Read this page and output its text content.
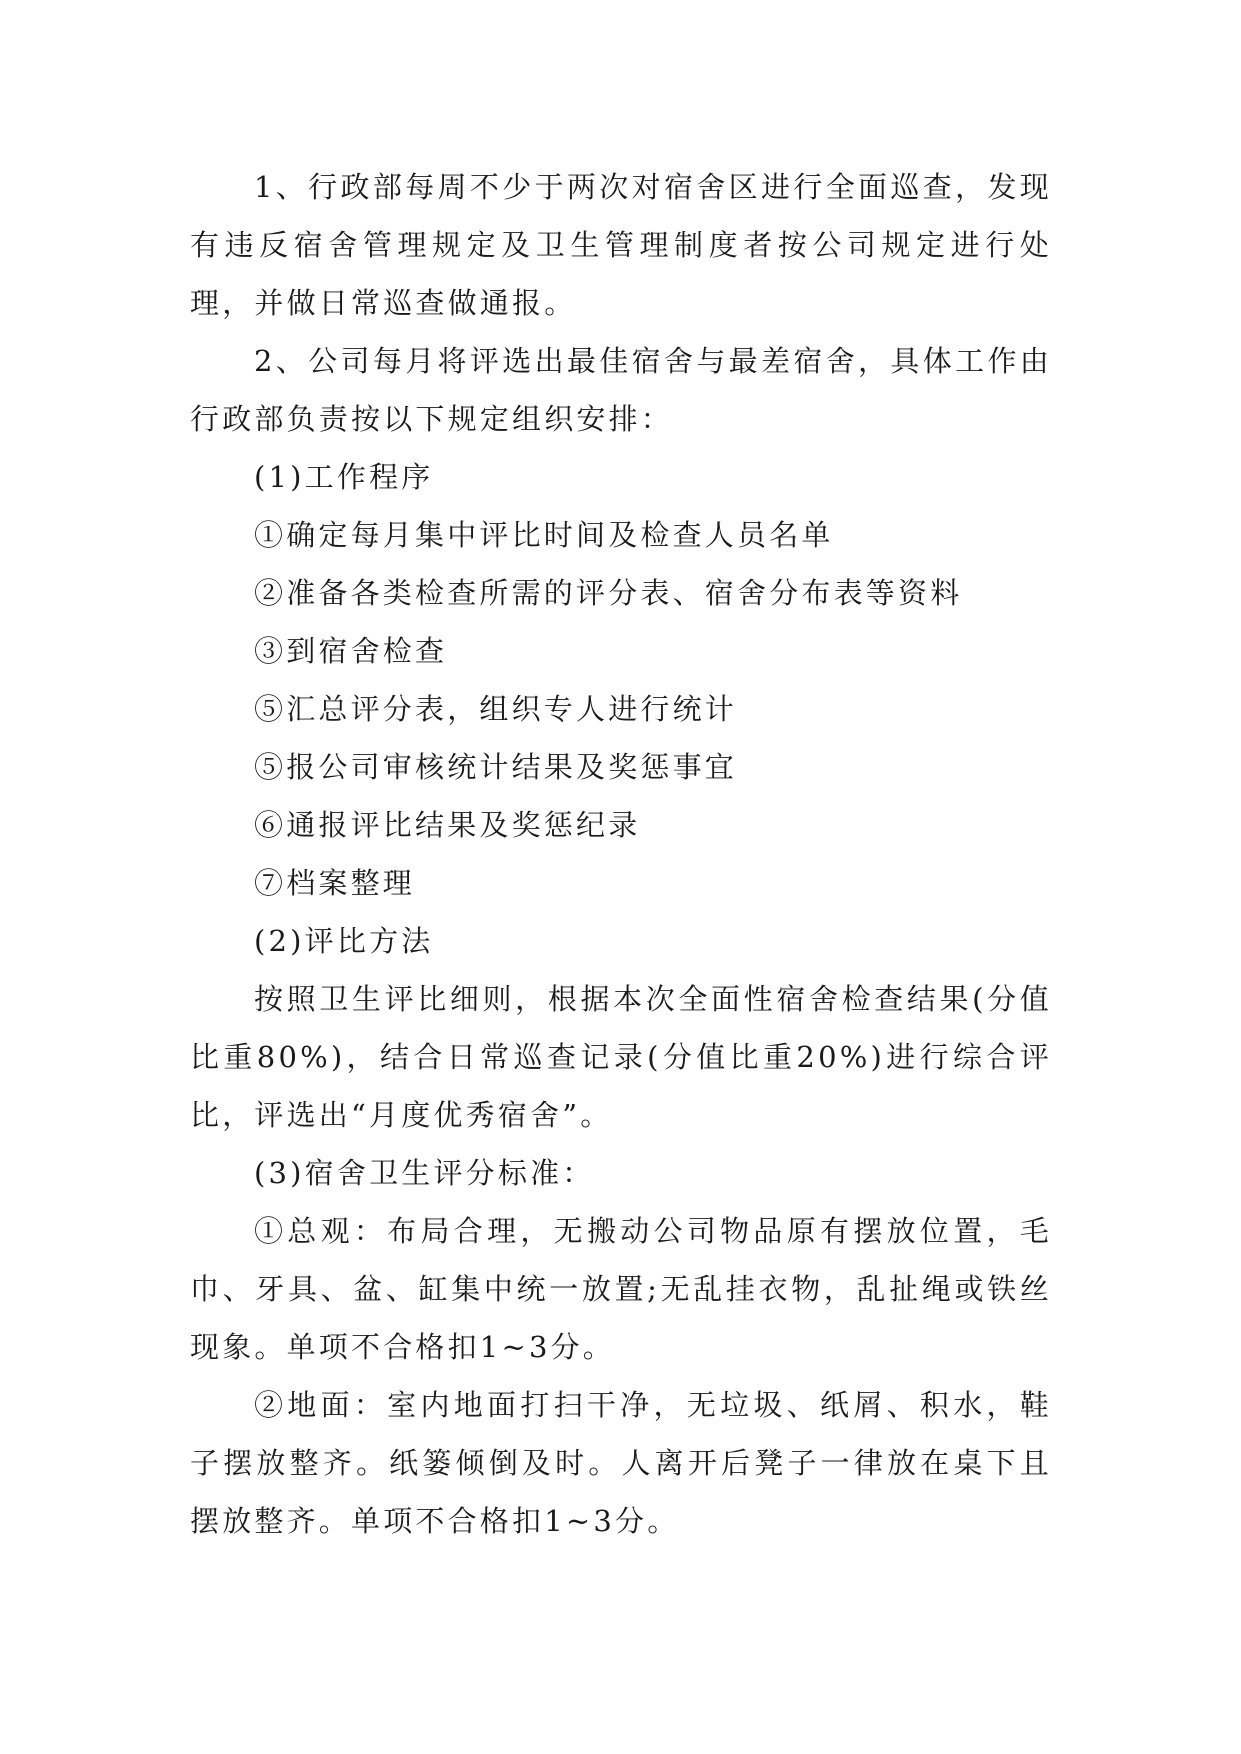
1、行政部每周不少于两次对宿舍区进行全面巡查，发现有违反宿舍管理规定及卫生管理制度者按公司规定进行处理，并做日常巡查做通报。

2、公司每月将评选出最佳宿舍与最差宿舍，具体工作由行政部负责按以下规定组织安排：

(1)工作程序

①确定每月集中评比时间及检查人员名单

②准备各类检查所需的评分表、宿舍分布表等资料

③到宿舍检查

⑤汇总评分表，组织专人进行统计

⑤报公司审核统计结果及奖惩事宜

⑥通报评比结果及奖惩纪录

⑦档案整理

(2)评比方法

按照卫生评比细则，根据本次全面性宿舍检查结果(分值比重80%)，结合日常巡查记录(分值比重20%)进行综合评比，评选出“月度优秀宿舍”。

(3)宿舍卫生评分标准：

①总观：布局合理，无搬动公司物品原有摆放位置，毛巾、牙具、盆、缸集中统一放置;无乱挂衣物，乱扯绳或铁丝现象。单项不合格扣1~3分。

②地面：室内地面打扫干净，无垃圾、纸屑、积水，鞋子摆放整齐。纸篓倾倒及时。人离开后凳子一律放在桌下且摆放整齐。单项不合格扣1~3分。
